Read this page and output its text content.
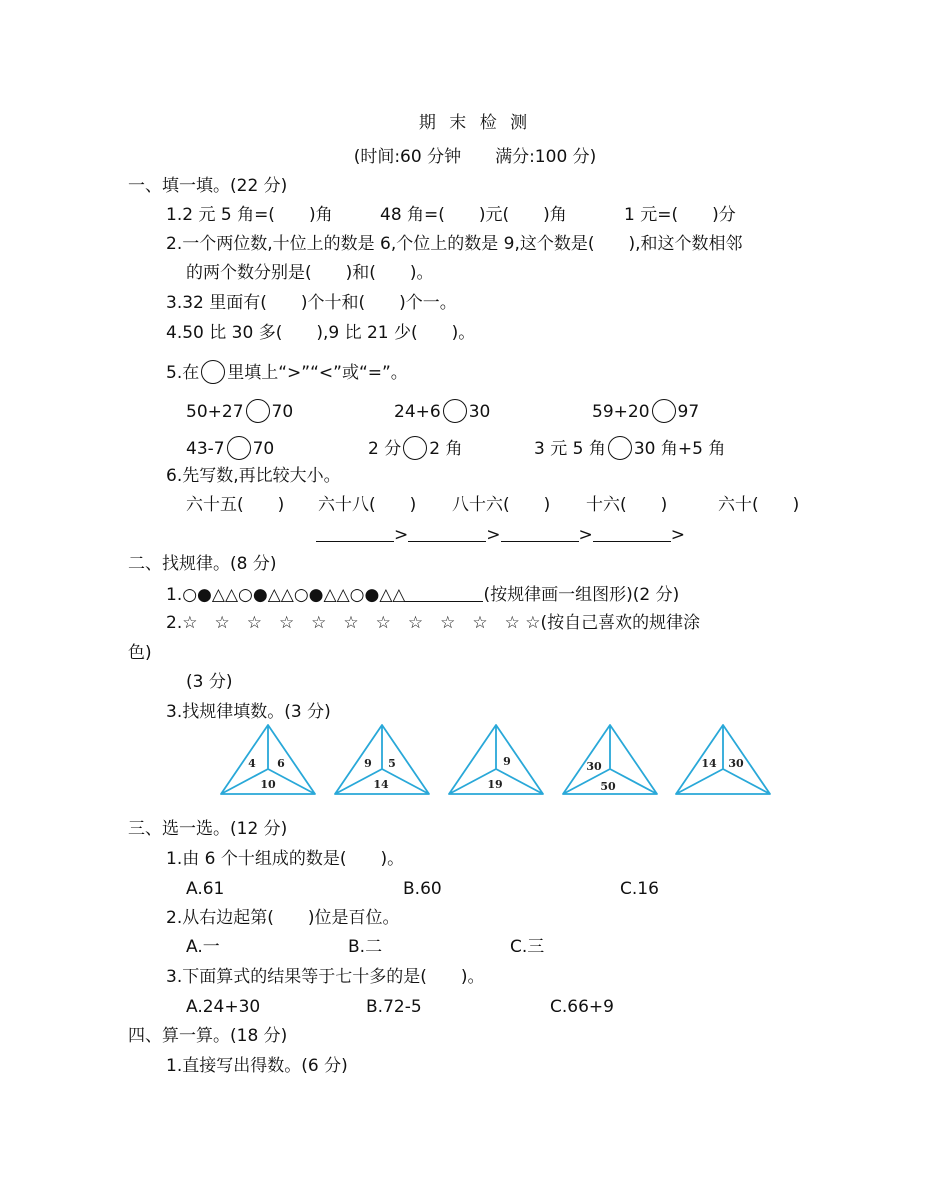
期 末 检 测
(时间:60 分钟　　满分:100 分)
一、填一填。(22 分)
1.2 元 5 角=(　　)角	48 角=(　　)元(　　)角	1 元=(　　)分
2.一个两位数,十位上的数是 6,个位上的数是 9,这个数是(　　),和这个数相邻
的两个数分别是(　　)和(　　)。
3.32 里面有(　　)个十和(　　)个一。
4.50 比 30 多(　　),9 比 21 少(　　)。
5.在 里填上“>”“<”或“=”。
50+27 70	24+6 30	59+20 97
43-7 70	2 分 2 角	3 元 5 角 30 角+5 角
6.先写数,再比较大小。
六十五(　　) 六十八(　　) 八十六(　　) 十六(　　)	六十(　　)
>	>	>	>
二、找规律。(8 分)
1.○●△△○●△△○●△△○●△△	(按规律画一组图形)(2 分)
2.☆　☆　☆　☆　☆　☆　☆　☆　☆　☆　☆ ☆(按自己喜欢的规律涂
色)
(3 分)
3.找规律填数。(3 分)
4 6
10
9 5
14
9
19
30
50
14 30
三、选一选。(12 分)
1.由 6 个十组成的数是(　　)。
A.61	B.60	C.16
2.从右边起第(　　)位是百位。
A.一	B.二	C.三
3.下面算式的结果等于七十多的是(　　)。
A.24+30	B.72-5	C.66+9
四、算一算。(18 分)
1.直接写出得数。(6 分)
